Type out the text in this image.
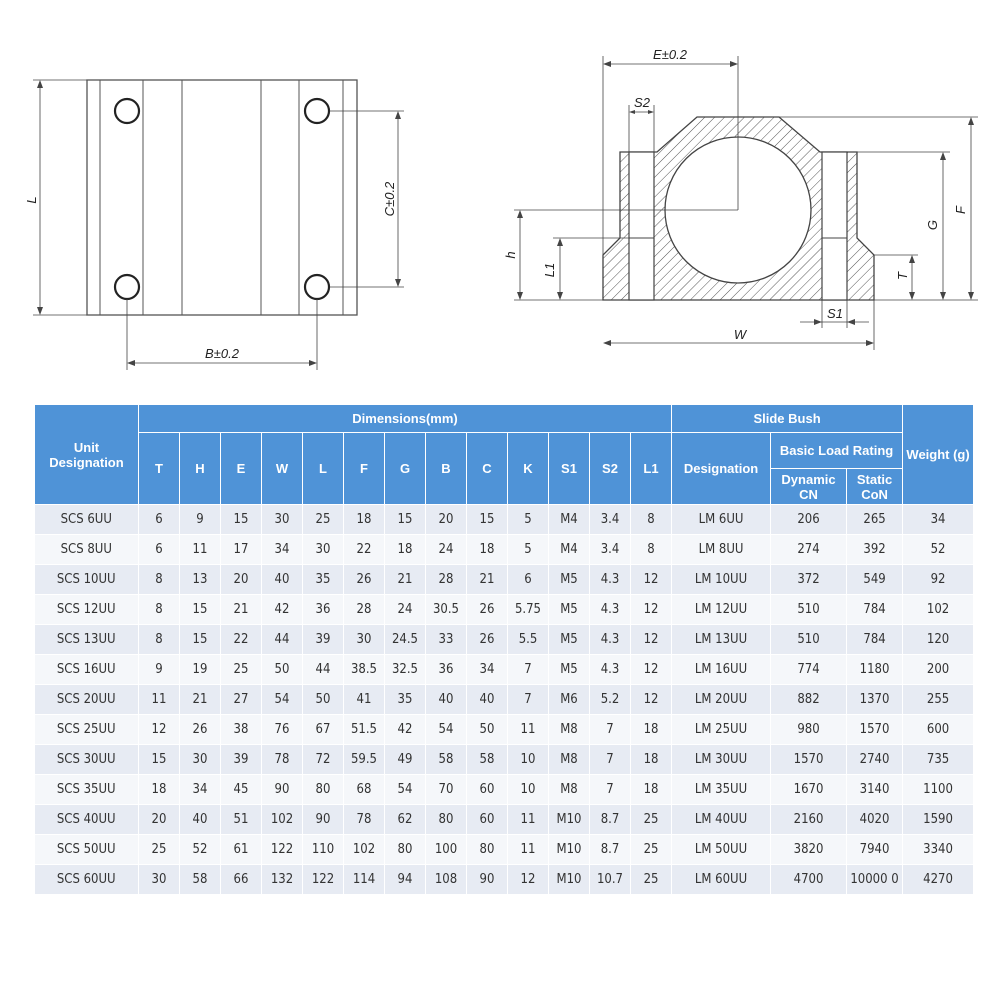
L	C±0.2
B±0.2
E±0.2
S2
h
L1
G
F
T
S1
W
Unit Designation	Dimensions(mm)													Slide Bush			Weight (g)
	T	H	E	W	L	F	G	B	C	K	S1	S2	L1	Designation	Basic Load Rating		
															Dynamic CN	Static CoN	
SCS 6UU	6	9	15	30	25	18	15	20	15	5	M4	3.4	8	LM 6UU	206	265	34
SCS 8UU	6	11	17	34	30	22	18	24	18	5	M4	3.4	8	LM 8UU	274	392	52
SCS 10UU	8	13	20	40	35	26	21	28	21	6	M5	4.3	12	LM 10UU	372	549	92
SCS 12UU	8	15	21	42	36	28	24	30.5	26	5.75	M5	4.3	12	LM 12UU	510	784	102
SCS 13UU	8	15	22	44	39	30	24.5	33	26	5.5	M5	4.3	12	LM 13UU	510	784	120
SCS 16UU	9	19	25	50	44	38.5	32.5	36	34	7	M5	4.3	12	LM 16UU	774	1180	200
SCS 20UU	11	21	27	54	50	41	35	40	40	7	M6	5.2	12	LM 20UU	882	1370	255
SCS 25UU	12	26	38	76	67	51.5	42	54	50	11	M8	7	18	LM 25UU	980	1570	600
SCS 30UU	15	30	39	78	72	59.5	49	58	58	10	M8	7	18	LM 30UU	1570	2740	735
SCS 35UU	18	34	45	90	80	68	54	70	60	10	M8	7	18	LM 35UU	1670	3140	1100
SCS 40UU	20	40	51	102	90	78	62	80	60	11	M10	8.7	25	LM 40UU	2160	4020	1590
SCS 50UU	25	52	61	122	110	102	80	100	80	11	M10	8.7	25	LM 50UU	3820	7940	3340
SCS 60UU	30	58	66	132	122	114	94	108	90	12	M10	10.7	25	LM 60UU	4700	10000 0	4270
